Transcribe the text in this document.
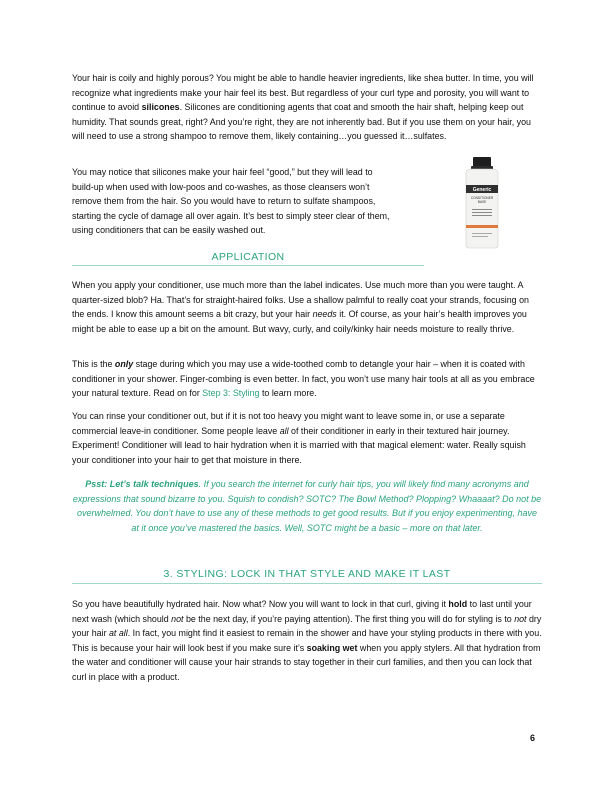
Your hair is coily and highly porous? You might be able to handle heavier ingredients, like shea butter. In time, you will recognize what ingredients make your hair feel its best. But regardless of your curl type and porosity, you will want to continue to avoid silicones. Silicones are conditioning agents that coat and smooth the hair shaft, helping keep out humidity. That sounds great, right? And you’re right, they are not inherently bad. But if you use them on your hair, you will need to use a strong shampoo to remove them, likely containing…you guessed it…sulfates.

You may notice that silicones make your hair feel “good,” but they will lead to build-up when used with low-poos and co-washes, as those cleansers won’t remove them from the hair. So you would have to return to sulfate shampoos, starting the cycle of damage all over again. It’s best to simply steer clear of them, using conditioners that can be easily washed out.

Generic
CONDITIONER
BASE
APPLICATION

When you apply your conditioner, use much more than the label indicates. Use much more than you were taught. A quarter-sized blob? Ha. That’s for straight-haired folks. Use a shallow palmful to really coat your strands, focusing on the ends. I know this amount seems a bit crazy, but your hair needs it. Of course, as your hair’s health improves you might be able to ease up a bit on the amount. But wavy, curly, and coily/kinky hair needs moisture to really thrive.

This is the only stage during which you may use a wide-toothed comb to detangle your hair – when it is coated with conditioner in your shower. Finger-combing is even better. In fact, you won’t use many hair tools at all as you embrace your natural texture. Read on for Step 3: Styling to learn more.

You can rinse your conditioner out, but if it is not too heavy you might want to leave some in, or use a separate commercial leave-in conditioner. Some people leave all of their conditioner in early in their textured hair journey. Experiment! Conditioner will lead to hair hydration when it is married with that magical element: water. Really squish your conditioner into your hair to get that moisture in there.

Psst: Let’s talk techniques. If you search the internet for curly hair tips, you will likely find many acronyms and expressions that sound bizarre to you. Squish to condish? SOTC? The Bowl Method? Plopping? Whaaaat? Do not be overwhelmed. You don’t have to use any of these methods to get good results. But if you enjoy experimenting, have at it once you’ve mastered the basics. Well, SOTC might be a basic – more on that later.
3. STYLING: LOCK IN THAT STYLE AND MAKE IT LAST

So you have beautifully hydrated hair. Now what? Now you will want to lock in that curl, giving it hold to last until your next wash (which should not be the next day, if you’re paying attention). The first thing you will do for styling is to not dry your hair at all. In fact, you might find it easiest to remain in the shower and have your styling products in there with you. This is because your hair will look best if you make sure it’s soaking wet when you apply stylers. All that hydration from the water and conditioner will cause your hair strands to stay together in their curl families, and then you can lock that curl in place with a product.

6
